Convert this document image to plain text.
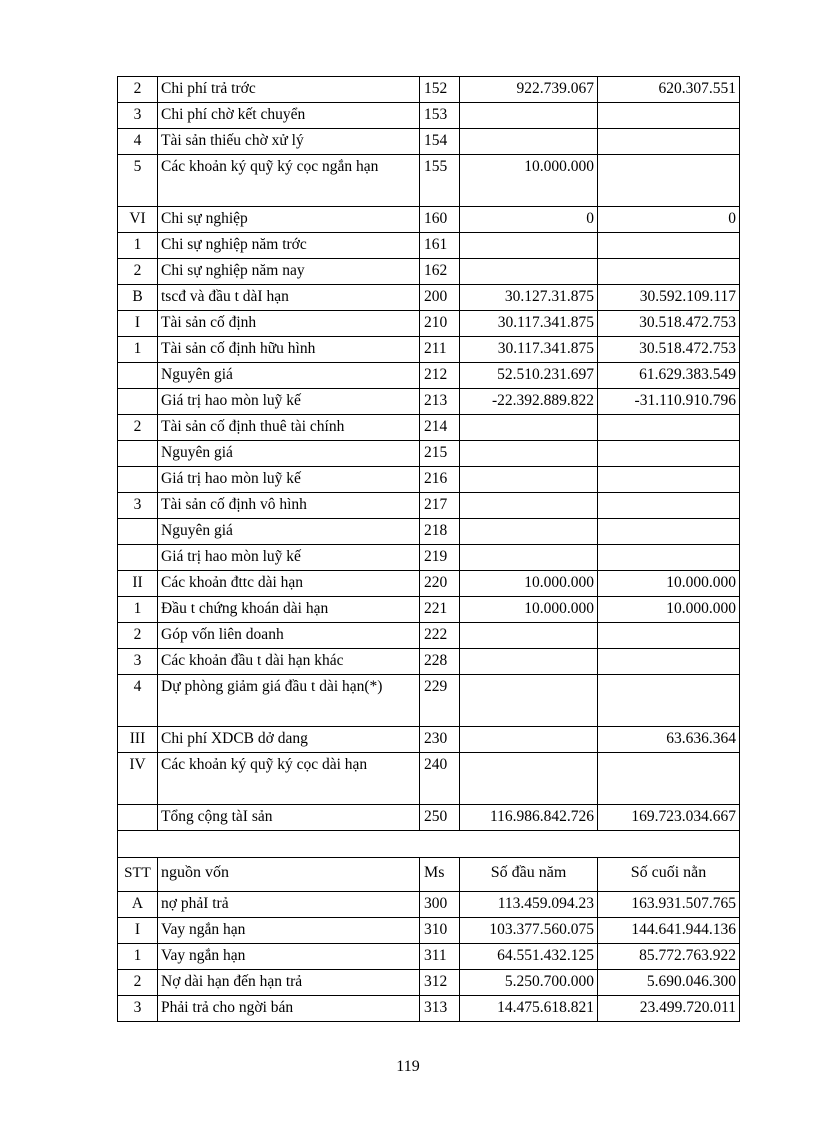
2	Chi phí trả trớc	152	922.739.067	620.307.551
3	Chi phí chờ kết chuyển	153		
4	Tài sản thiếu chờ xử lý	154		
5	Các khoản ký quỹ ký cọc ngắn hạn	155	10.000.000	
VI	Chi sự nghiệp	160	0	0
1	Chi sự nghiệp năm trớc	161		
2	Chi sự nghiệp năm nay	162		
B	tscđ và đầu t dàI hạn	200	30.127.31.875	30.592.109.117
I	Tài sản cố định	210	30.117.341.875	30.518.472.753
1	Tài sản cố định hữu hình	211	30.117.341.875	30.518.472.753
	Nguyên giá	212	52.510.231.697	61.629.383.549
	Giá trị hao mòn luỹ kế	213	-22.392.889.822	-31.110.910.796
2	Tài sản cố định thuê tài chính	214		
	Nguyên giá	215		
	Giá trị hao mòn luỹ kế	216		
3	Tài sản cố định vô hình	217		
	Nguyên giá	218		
	Giá trị hao mòn luỹ kế	219		
II	Các khoản đttc dài hạn	220	10.000.000	10.000.000
1	Đầu t chứng khoán dài hạn	221	10.000.000	10.000.000
2	Góp vốn liên doanh	222		
3	Các khoản đầu t dài hạn khác	228		
4	Dự phòng giảm giá đầu t dài hạn(*)	229		
III	Chi phí XDCB dở dang	230		63.636.364
IV	Các khoản ký quỹ ký cọc dài hạn	240		
	Tổng cộng tàI sản	250	116.986.842.726	169.723.034.667

STT	nguồn vốn	Ms	Số đầu năm	Số cuối nằn
A	nợ phảI trả	300	113.459.094.23	163.931.507.765
I	Vay ngắn hạn	310	103.377.560.075	144.641.944.136
1	Vay ngắn hạn	311	64.551.432.125	85.772.763.922
2	Nợ dài hạn đến hạn trả	312	5.250.700.000	5.690.046.300
3	Phải trả cho ngời bán	313	14.475.618.821	23.499.720.011
119
